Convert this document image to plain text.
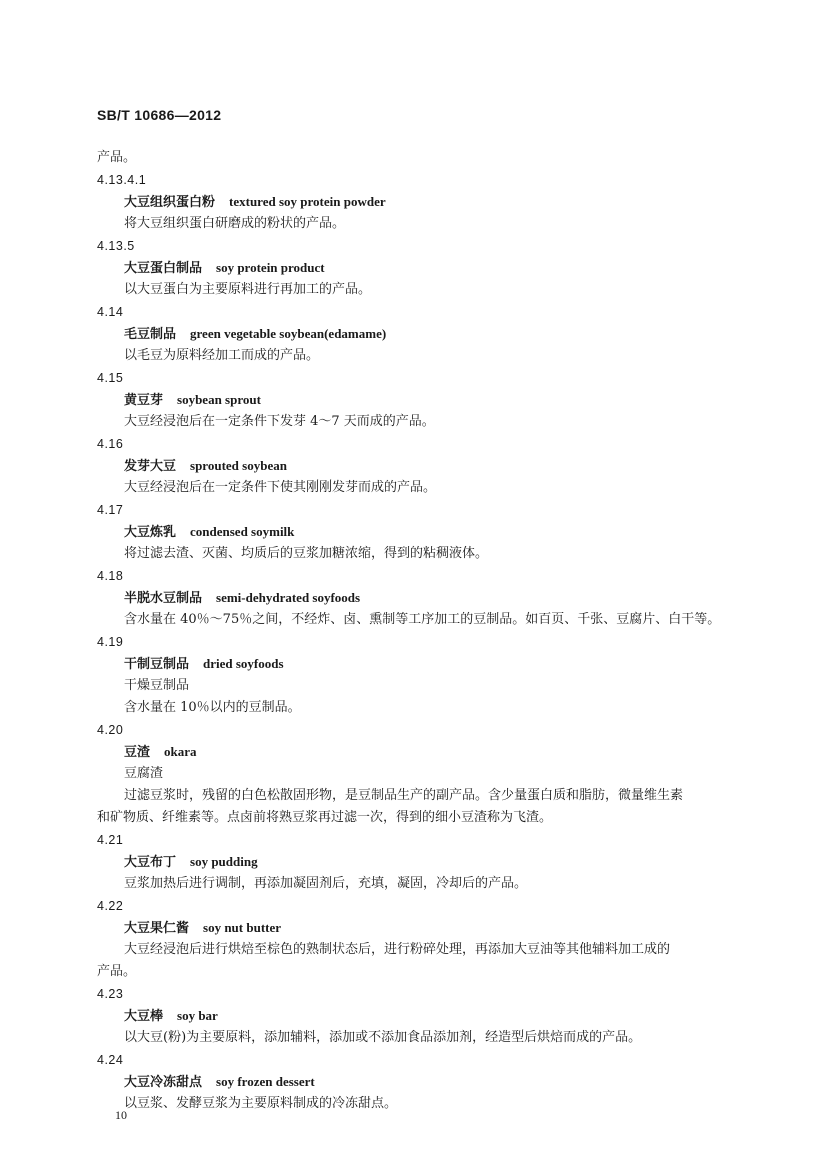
SB/T 10686—2012
产品。
4.13.4.1
大豆组织蛋白粉 textured soy protein powder
将大豆组织蛋白研磨成的粉状的产品。
4.13.5
大豆蛋白制品 soy protein product
以大豆蛋白为主要原料进行再加工的产品。
4.14
毛豆制品 green vegetable soybean(edamame)
以毛豆为原料经加工而成的产品。
4.15
黄豆芽 soybean sprout
大豆经浸泡后在一定条件下发芽 4～7 天而成的产品。
4.16
发芽大豆 sprouted soybean
大豆经浸泡后在一定条件下使其刚刚发芽而成的产品。
4.17
大豆炼乳 condensed soymilk
将过滤去渣、灭菌、均质后的豆浆加糖浓缩，得到的粘稠液体。
4.18
半脱水豆制品 semi-dehydrated soyfoods
含水量在 40％～75％之间，不经炸、卤、熏制等工序加工的豆制品。如百页、千张、豆腐片、白干等。
4.19
干制豆制品 dried soyfoods
干燥豆制品
含水量在 10％以内的豆制品。
4.20
豆渣 okara
豆腐渣
过滤豆浆时，残留的白色松散固形物，是豆制品生产的副产品。含少量蛋白质和脂肪，微量维生素
和矿物质、纤维素等。点卤前将熟豆浆再过滤一次，得到的细小豆渣称为飞渣。
4.21
大豆布丁 soy pudding
豆浆加热后进行调制，再添加凝固剂后，充填，凝固，冷却后的产品。
4.22
大豆果仁酱 soy nut butter
大豆经浸泡后进行烘焙至棕色的熟制状态后，进行粉碎处理，再添加大豆油等其他辅料加工成的
产品。
4.23
大豆棒 soy bar
以大豆(粉)为主要原料，添加辅料，添加或不添加食品添加剂，经造型后烘焙而成的产品。
4.24
大豆冷冻甜点 soy frozen dessert
以豆浆、发酵豆浆为主要原料制成的冷冻甜点。
10
